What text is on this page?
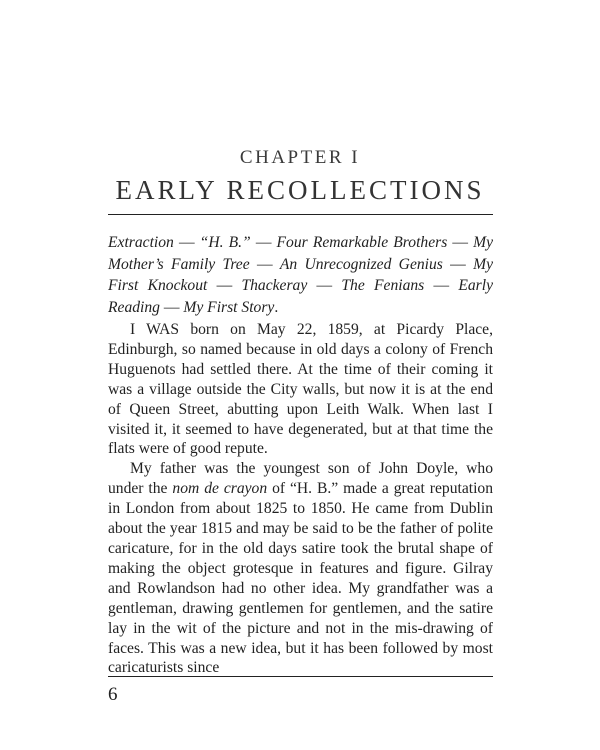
CHAPTER I
EARLY RECOLLECTIONS
Extraction — “H. B.” — Four Remarkable Brothers — My Mother’s Family Tree — An Unrecognized Genius — My First Knockout — Thackeray — The Fenians — Early Reading — My First Story.

I WAS born on May 22, 1859, at Picardy Place, Edinburgh, so named because in old days a colony of French Huguenots had settled there. At the time of their coming it was a village outside the City walls, but now it is at the end of Queen Street, abutting upon Leith Walk. When last I visited it, it seemed to have degenerated, but at that time the flats were of good repute.

My father was the youngest son of John Doyle, who under the nom de crayon of “H. B.” made a great reputation in London from about 1825 to 1850. He came from Dublin about the year 1815 and may be said to be the father of polite caricature, for in the old days satire took the brutal shape of making the object grotesque in features and figure. Gilray and Rowlandson had no other idea. My grandfather was a gentleman, drawing gentlemen for gentlemen, and the satire lay in the wit of the picture and not in the mis-drawing of faces. This was a new idea, but it has been followed by most caricaturists since

6
